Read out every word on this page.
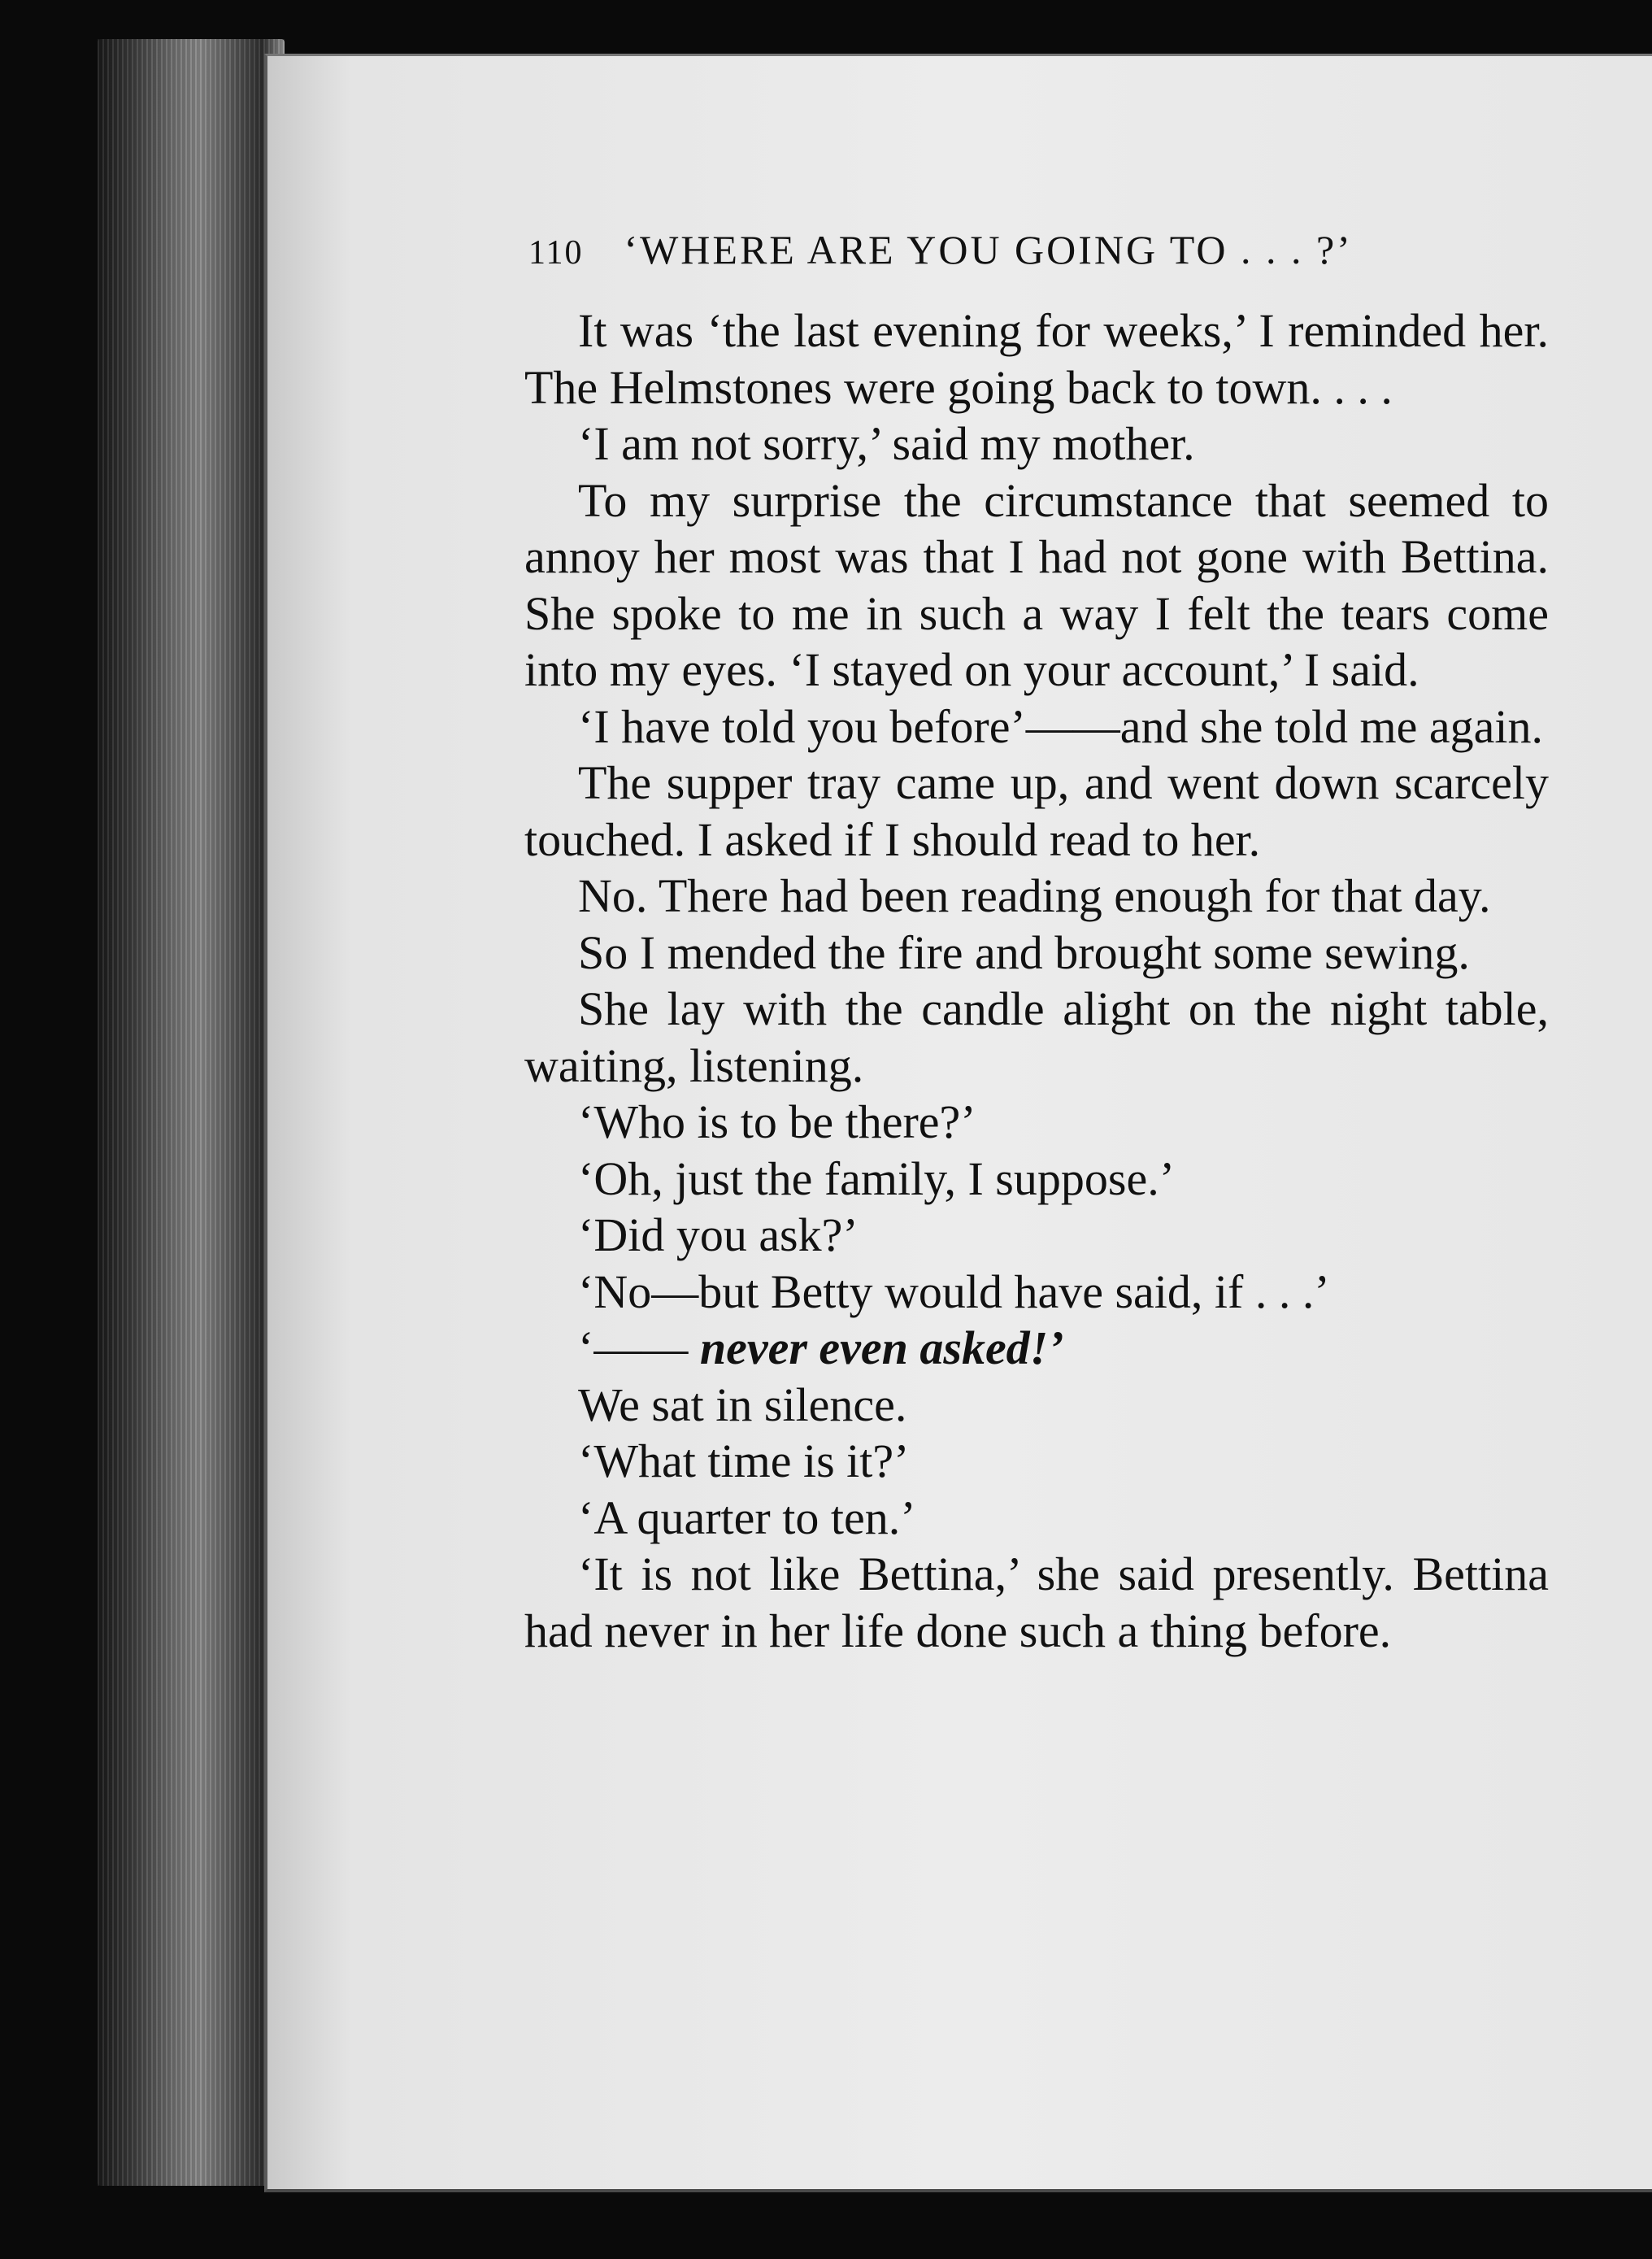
110 ‘WHERE ARE YOU GOING TO . . . ?’

It was ‘the last evening for weeks,’ I reminded her. The Helmstones were going back to town. . . .

‘I am not sorry,’ said my mother.

To my surprise the circumstance that seemed to annoy her most was that I had not gone with Bettina. She spoke to me in such a way I felt the tears come into my eyes. ‘I stayed on your account,’ I said.

‘I have told you before’——and she told me again.

The supper tray came up, and went down scarcely touched. I asked if I should read to her.

No. There had been reading enough for that day.

So I mended the fire and brought some sewing.

She lay with the candle alight on the night table, waiting, listening.

‘Who is to be there?’

‘Oh, just the family, I suppose.’

‘Did you ask?’

‘No—but Betty would have said, if . . .’

‘—— never even asked!’

We sat in silence.

‘What time is it?’

‘A quarter to ten.’

‘It is not like Bettina,’ she said presently. Bettina had never in her life done such a thing before.
